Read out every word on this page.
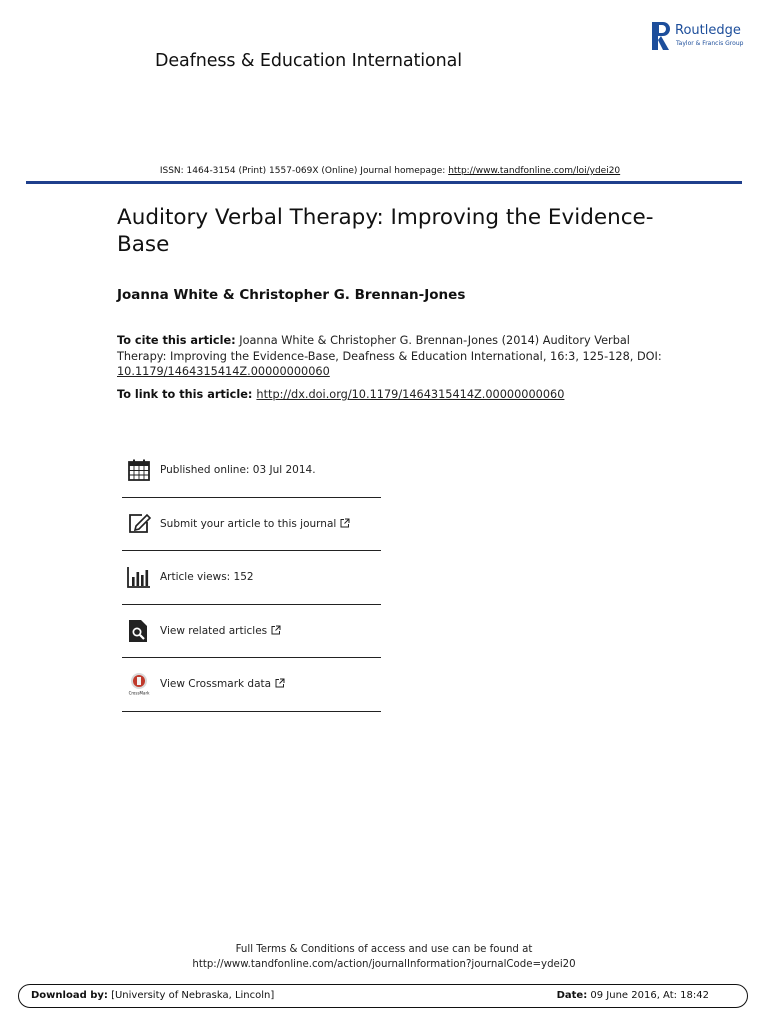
Deafness & Education International
Routledge
Taylor & Francis Group
ISSN: 1464-3154 (Print) 1557-069X (Online) Journal homepage: http://www.tandfonline.com/loi/ydei20
Auditory Verbal Therapy: Improving the Evidence-Base
Joanna White & Christopher G. Brennan-Jones
To cite this article: Joanna White & Christopher G. Brennan-Jones (2014) Auditory Verbal Therapy: Improving the Evidence-Base, Deafness & Education International, 16:3, 125-128, DOI: 10.1179/1464315414Z.00000000060
To link to this article: http://dx.doi.org/10.1179/1464315414Z.00000000060
Published online: 03 Jul 2014.
Submit your article to this journal
Article views: 152
View related articles
CrossMark
View Crossmark data
Full Terms & Conditions of access and use can be found at
http://www.tandfonline.com/action/journalInformation?journalCode=ydei20
Download by: [University of Nebraska, Lincoln]	Date: 09 June 2016, At: 18:42
